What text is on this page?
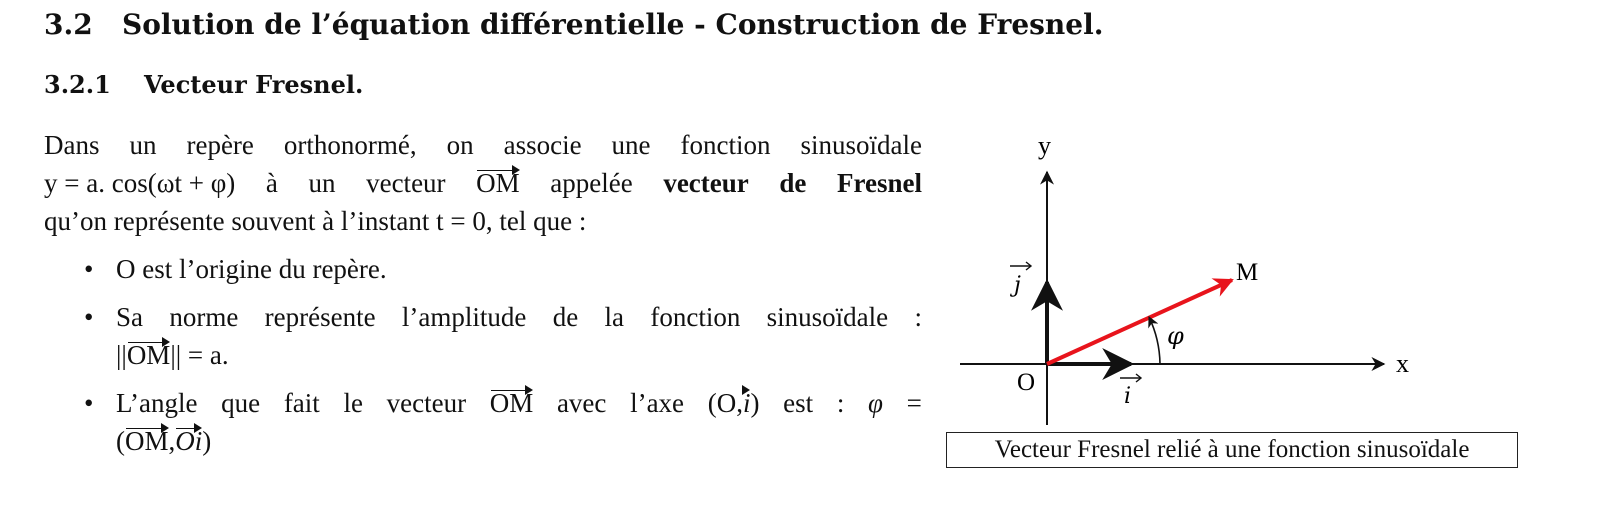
3.2 Solution de l’équation différentielle - Construction de Fresnel.
3.2.1 Vecteur Fresnel.
Dans un repère orthonormé, on associe une fonction sinusoïdale
y = a. cos(ωt + φ) à un vecteur OM appelée vecteur de Fresnel
qu’on représente souvent à l’instant t = 0, tel que :
• O est l’origine du repère.
• Sa norme représente l’amplitude de la fonction sinusoïdale :
||OM|| = a.
• L’angle que fait le vecteur OM avec l’axe (O,i) est : φ =
(OM,Oi)
y
x
O
M
φ
i
j
Vecteur Fresnel relié à une fonction sinusoïdale
